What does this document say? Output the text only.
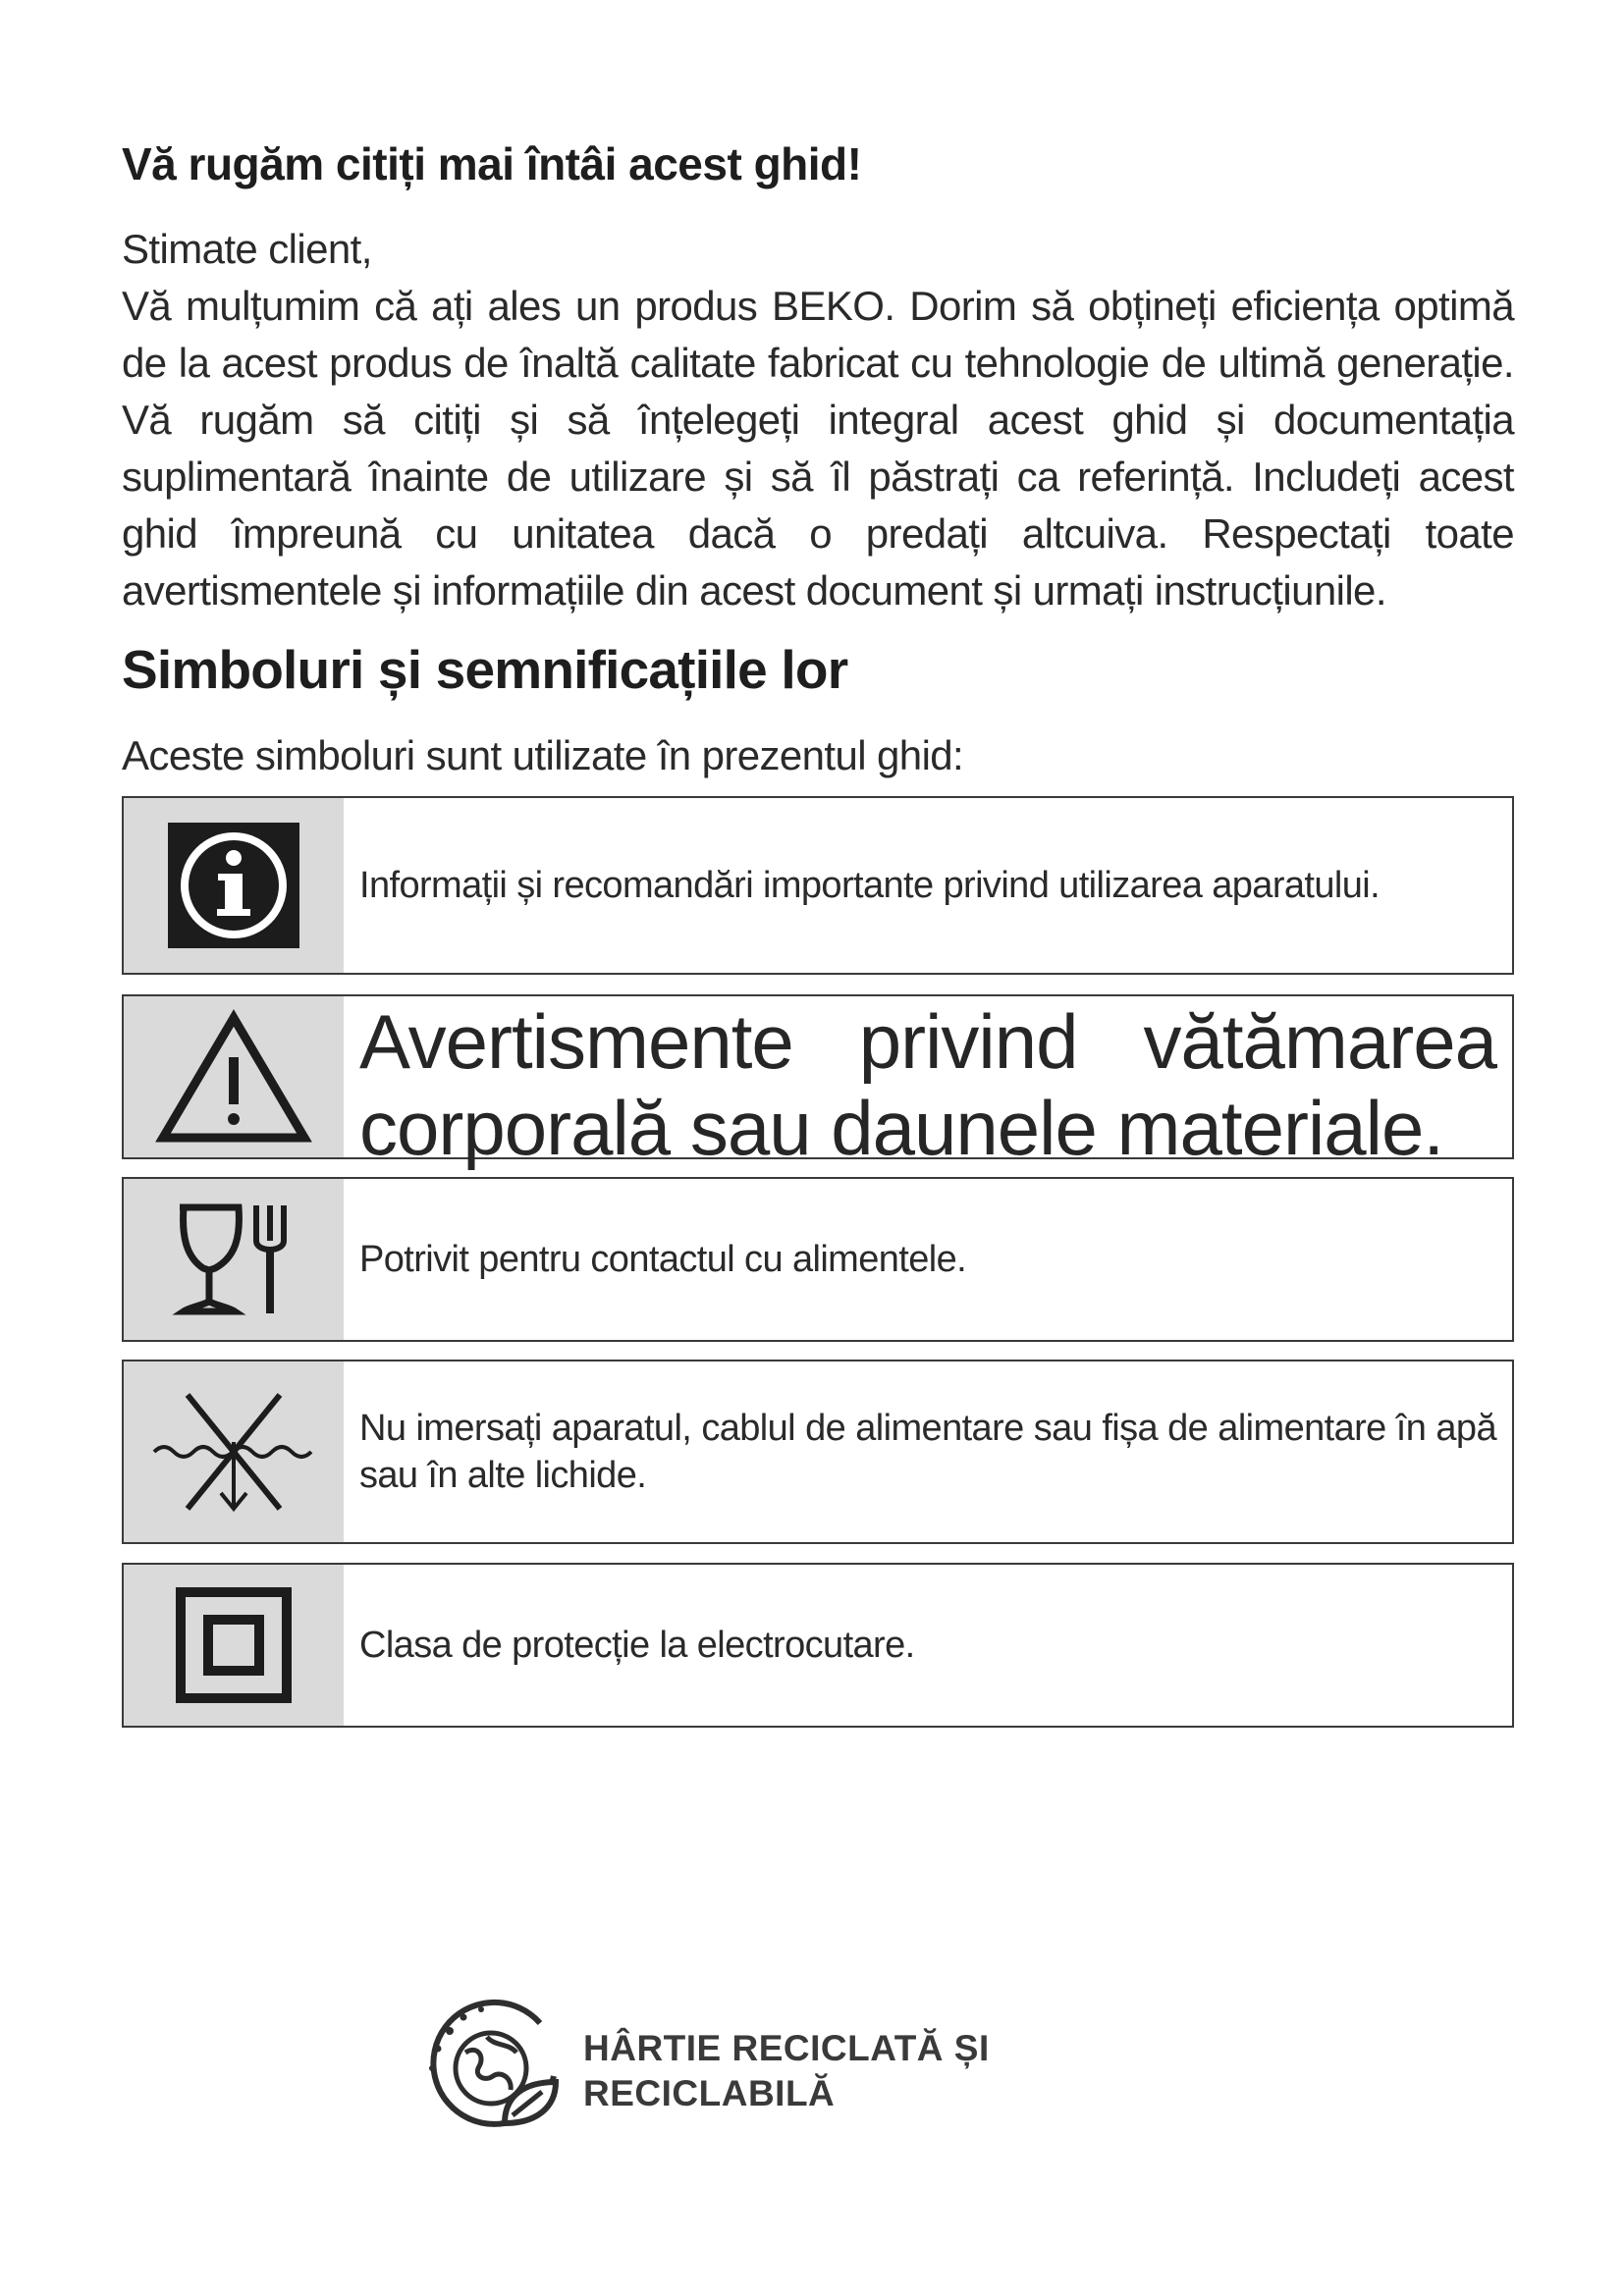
Vă rugăm citiți mai întâi acest ghid!

Stimate client,

Vă mulțumim că ați ales un produs BEKO. Dorim să obțineți eficiența optimă de la acest produs de înaltă calitate fabricat cu tehnologie de ultimă generație. Vă rugăm să citiți și să înțelegeți integral acest ghid și documentația suplimentară înainte de utilizare și să îl păstrați ca referință. Includeți acest ghid împreună cu unitatea dacă o predați altcuiva. Respectați toate avertismentele și informațiile din acest document și urmați instrucțiunile.

Simboluri și semnificațiile lor

Aceste simboluri sunt utilizate în prezentul ghid:

Informații și recomandări importante privind utilizarea aparatului.
Avertismente privind vătămarea corporală sau daunele materiale.
Potrivit pentru contactul cu alimentele.
Nu imersați aparatul, cablul de alimentare sau fișa de alimentare în apă sau în alte lichide.
Clasa de protecție la electrocutare.
HÂRTIE RECICLATĂ ȘI
RECICLABILĂ
